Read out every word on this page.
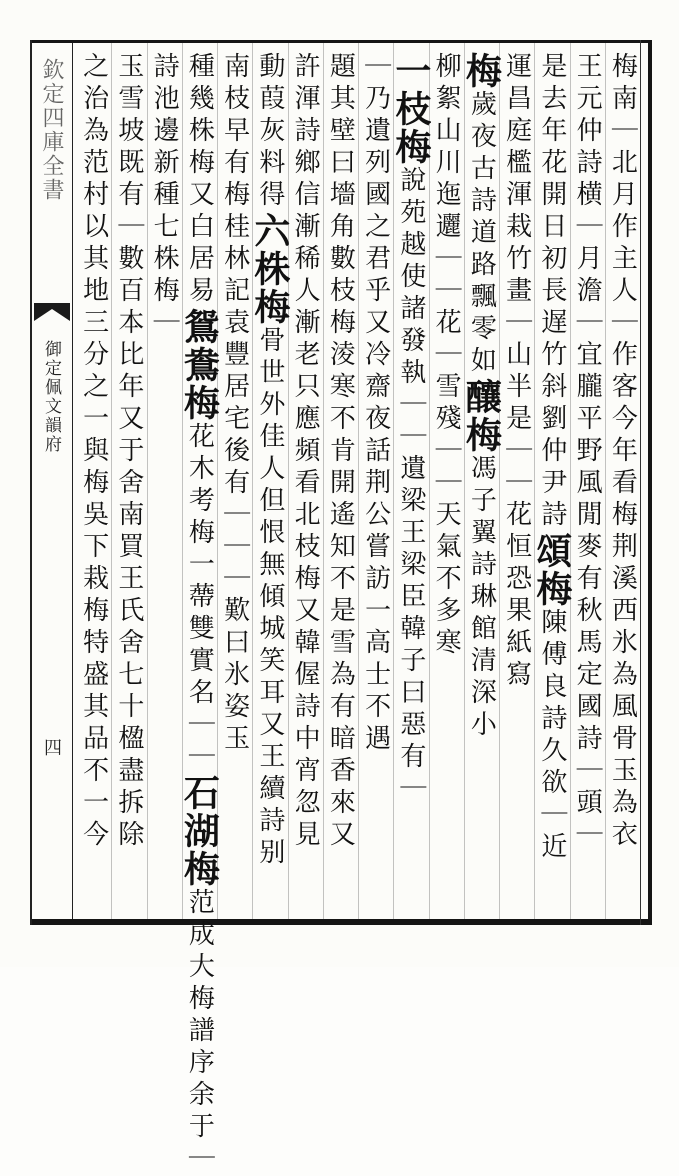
欽定四庫全書
御定佩文韻府
四	梅南｜北月作主人｜作客今年看梅荆溪西氷為風骨玉為衣
王元仲詩横｜月澹｜宜朧平野風閒麥有秋馬定國詩｜頭｜
是去年花開日初長遅竹斜劉仲尹詩頌梅陳傅良詩久欲｜近
運昌庭檻渾栽竹畫｜山半是｜｜花恒恐果紙寫
梅歲夜古詩道路飄零如釀梅馮子翼詩琳館清深小
柳絮山川迤邐｜｜花｜雪殘｜｜天氣不多寒
一枝梅說苑越使諸發執｜｜遺梁王梁臣韓子曰惡有｜
｜乃遺列國之君乎又冷齋夜話荆公嘗訪一高士不遇
題其壁曰墻角數枝梅淩寒不肯開遙知不是雪為有暗香來又
許渾詩鄉信漸稀人漸老只應頻看北枝梅又韓偓詩中宵忽見
動葭灰料得六株梅骨世外佳人但恨無傾城笑耳又王續詩别
南枝早有梅桂林記袁豐居宅後有｜｜｜歎曰氷姿玉
種幾株梅又白居易鴛鴦梅花木考梅一蔕雙實名｜｜石湖梅范成大梅譜序余于｜
詩池邊新種七株梅｜
玉雪坡既有｜數百本比年又于舍南買王氏舍七十楹盡拆除
之治為范村以其地三分之一與梅吳下栽梅特盛其品不一今
